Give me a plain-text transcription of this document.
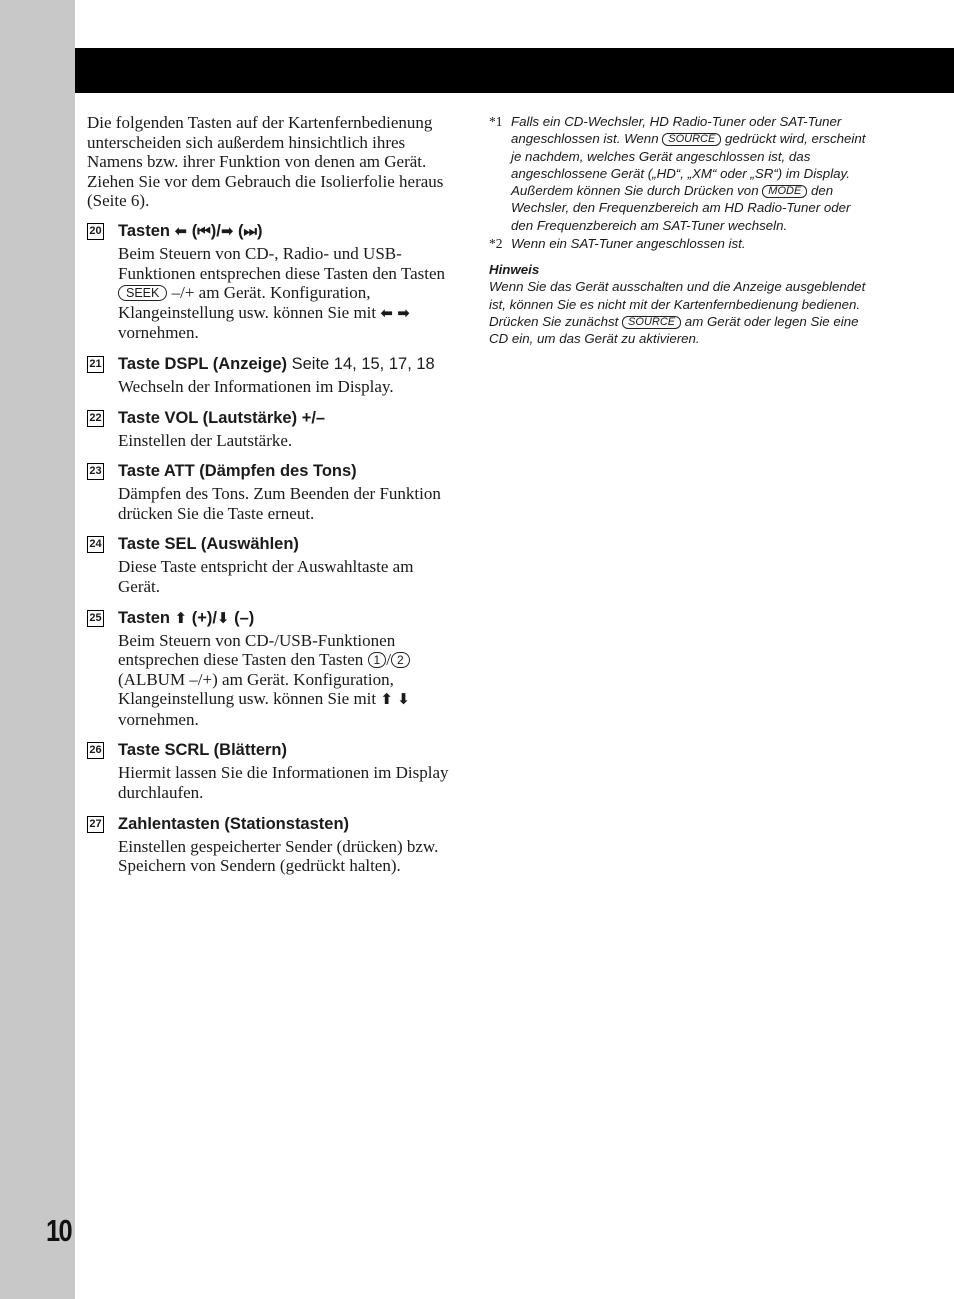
10

Die folgenden Tasten auf der Kartenfernbedienung unterscheiden sich außerdem hinsichtlich ihres Namens bzw. ihrer Funktion von denen am Gerät. Ziehen Sie vor dem Gebrauch die Isolierfolie heraus (Seite 6).

20 Tasten ⬅ (⏮)/➡ (⏭)
Beim Steuern von CD-, Radio- und USB-Funktionen entsprechen diese Tasten den Tasten SEEK –/+ am Gerät. Konfiguration, Klangeinstellung usw. können Sie mit ⬅ ➡ vornehmen.
21 Taste DSPL (Anzeige) Seite 14, 15, 17, 18
Wechseln der Informationen im Display.
22 Taste VOL (Lautstärke) +/–
Einstellen der Lautstärke.
23 Taste ATT (Dämpfen des Tons)
Dämpfen des Tons. Zum Beenden der Funktion drücken Sie die Taste erneut.
24 Taste SEL (Auswählen)
Diese Taste entspricht der Auswahltaste am Gerät.
25 Tasten ⬆ (+)/⬇ (–)
Beim Steuern von CD-/USB-Funktionen entsprechen diese Tasten den Tasten 1 / 2 (ALBUM –/+) am Gerät. Konfiguration, Klangeinstellung usw. können Sie mit ⬆ ⬇ vornehmen.
26 Taste SCRL (Blättern)
Hiermit lassen Sie die Informationen im Display durchlaufen.
27 Zahlentasten (Stationstasten)
Einstellen gespeicherter Sender (drücken) bzw. Speichern von Sendern (gedrückt halten).
*1 Falls ein CD-Wechsler, HD Radio-Tuner oder SAT-Tuner angeschlossen ist. Wenn SOURCE gedrückt wird, erscheint je nachdem, welches Gerät angeschlossen ist, das angeschlossene Gerät („HD“, „XM“ oder „SR“) im Display. Außerdem können Sie durch Drücken von MODE den Wechsler, den Frequenzbereich am HD Radio-Tuner oder den Frequenzbereich am SAT-Tuner wechseln.
*2 Wenn ein SAT-Tuner angeschlossen ist.
Hinweis
Wenn Sie das Gerät ausschalten und die Anzeige ausgeblendet ist, können Sie es nicht mit der Kartenfernbedienung bedienen. Drücken Sie zunächst SOURCE am Gerät oder legen Sie eine CD ein, um das Gerät zu aktivieren.
